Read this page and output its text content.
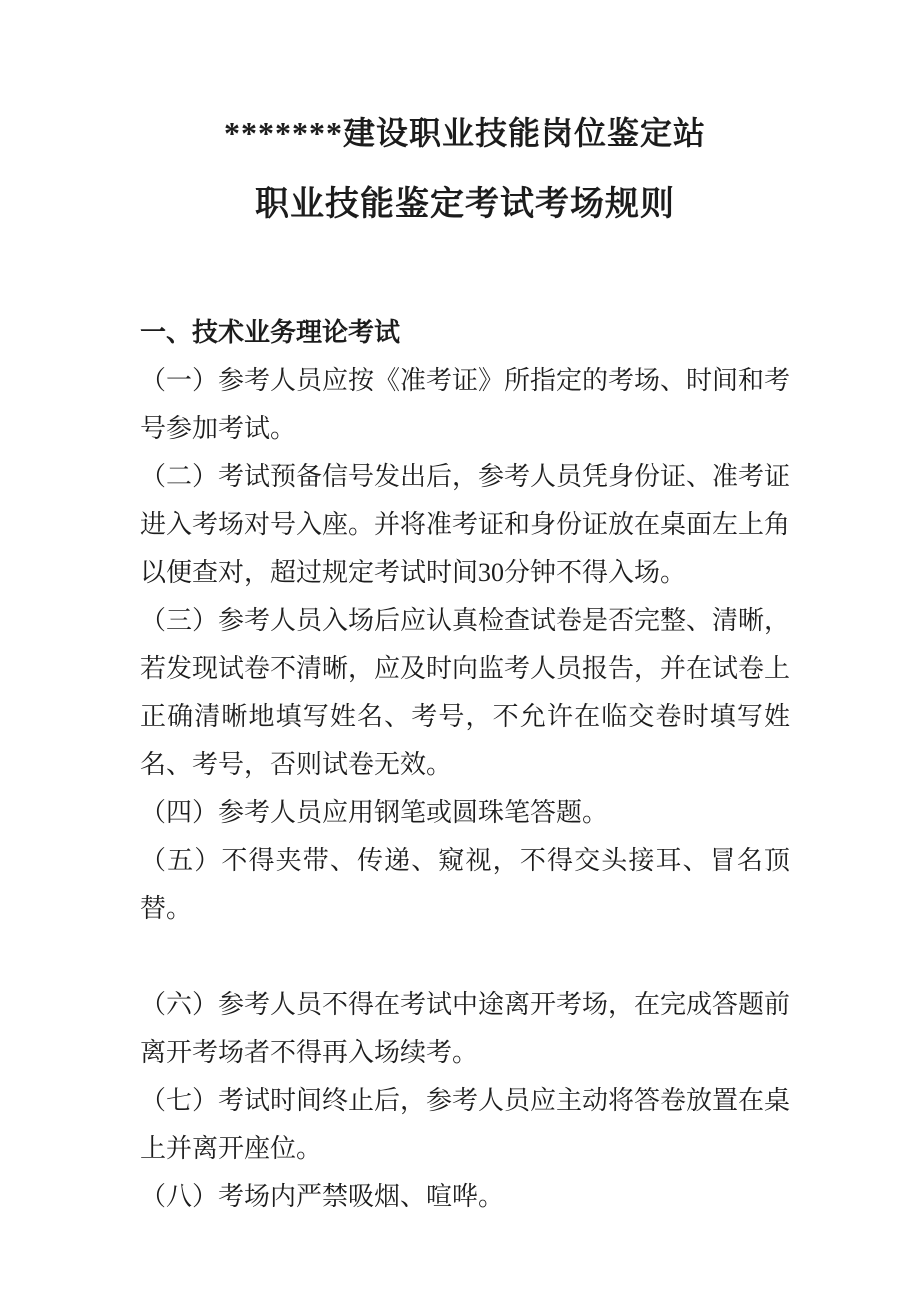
*******建设职业技能岗位鉴定站
职业技能鉴定考试考场规则
一、技术业务理论考试

（一）参考人员应按《准考证》所指定的考场、时间和考号参加考试。

（二）考试预备信号发出后，参考人员凭身份证、准考证进入考场对号入座。并将准考证和身份证放在桌面左上角以便查对，超过规定考试时间30分钟不得入场。

（三）参考人员入场后应认真检查试卷是否完整、清晰，若发现试卷不清晰，应及时向监考人员报告，并在试卷上正确清晰地填写姓名、考号，不允许在临交卷时填写姓名、考号，否则试卷无效。

（四）参考人员应用钢笔或圆珠笔答题。

（五）不得夹带、传递、窥视，不得交头接耳、冒名顶替。

（六）参考人员不得在考试中途离开考场，在完成答题前离开考场者不得再入场续考。

（七）考试时间终止后，参考人员应主动将答卷放置在桌上并离开座位。

（八）考场内严禁吸烟、喧哗。
